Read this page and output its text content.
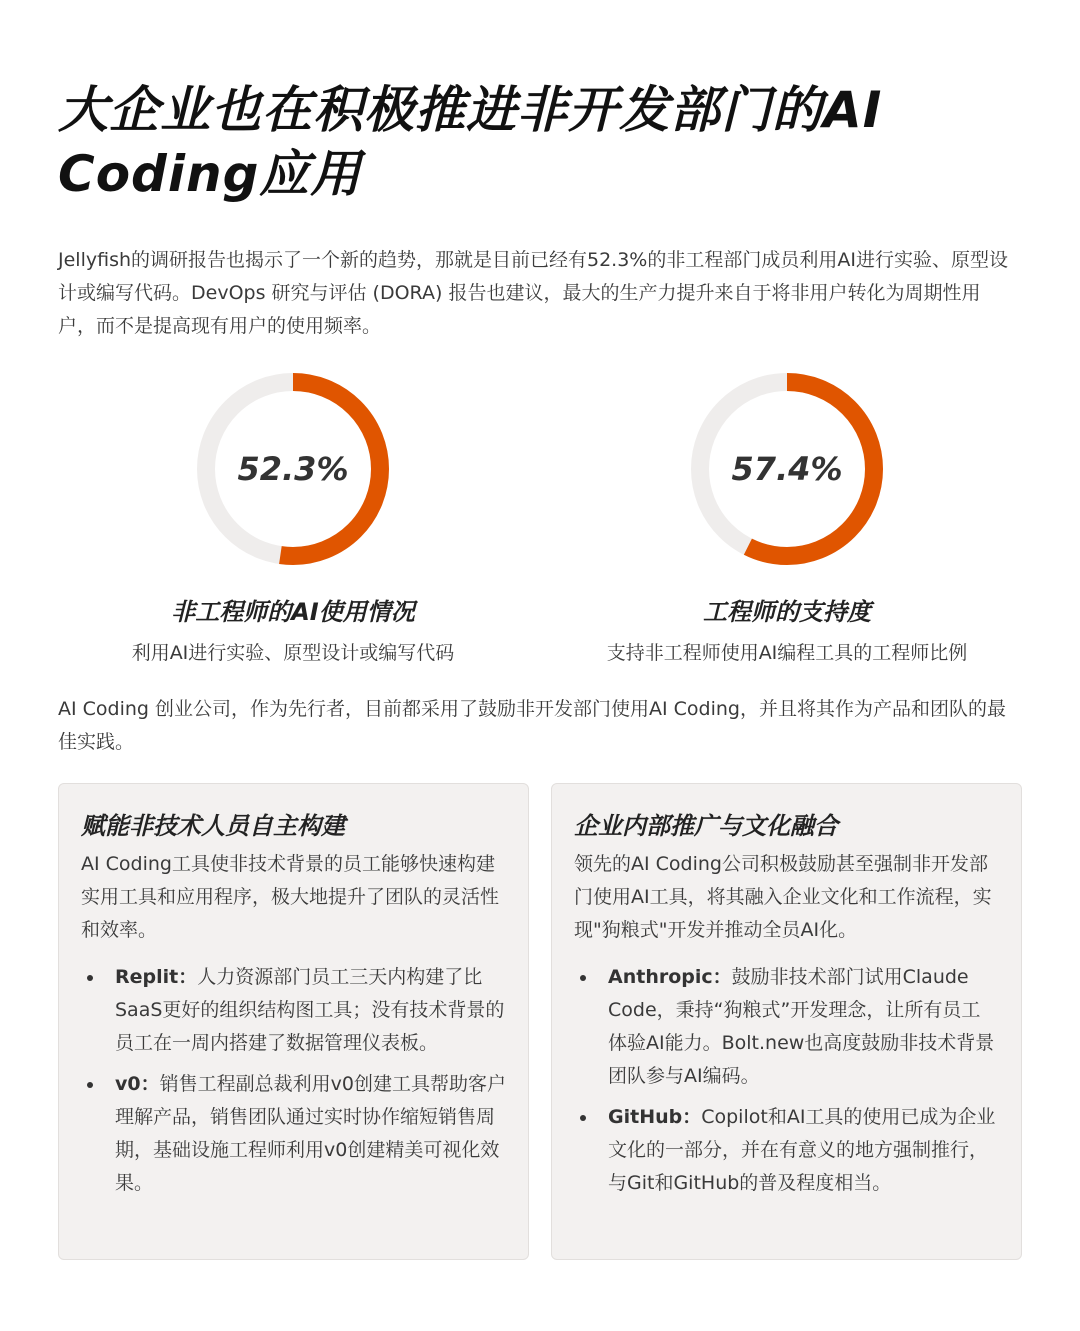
大企业也在积极推进非开发部门的AI Coding应用

Jellyfish的调研报告也揭示了一个新的趋势，那就是目前已经有52.3%的非工程部门成员利用AI进行实验、原型设计或编写代码。DevOps 研究与评估 (DORA) 报告也建议，最大的生产力提升来自于将非用户转化为周期性用户，而不是提高现有用户的使用频率。

52.3%	57.4%
非工程师的AI使用情况
利用AI进行实验、原型设计或编写代码
工程师的支持度
支持非工程师使用AI编程工具的工程师比例

AI Coding 创业公司，作为先行者，目前都采用了鼓励非开发部门使用AI Coding，并且将其作为产品和团队的最佳实践。

赋能非技术人员自主构建

AI Coding工具使非技术背景的员工能够快速构建实用工具和应用程序，极大地提升了团队的灵活性和效率。

Replit：人力资源部门员工三天内构建了比SaaS更好的组织结构图工具；没有技术背景的员工在一周内搭建了数据管理仪表板。
v0：销售工程副总裁利用v0创建工具帮助客户理解产品，销售团队通过实时协作缩短销售周期，基础设施工程师利用v0创建精美可视化效果。
企业内部推广与文化融合

领先的AI Coding公司积极鼓励甚至强制非开发部门使用AI工具，将其融入企业文化和工作流程，实现"狗粮式"开发并推动全员AI化。

Anthropic：鼓励非技术部门试用Claude Code，秉持“狗粮式”开发理念，让所有员工体验AI能力。Bolt.new也高度鼓励非技术背景团队参与AI编码。
GitHub：Copilot和AI工具的使用已成为企业文化的一部分，并在有意义的地方强制推行，与Git和GitHub的普及程度相当。
